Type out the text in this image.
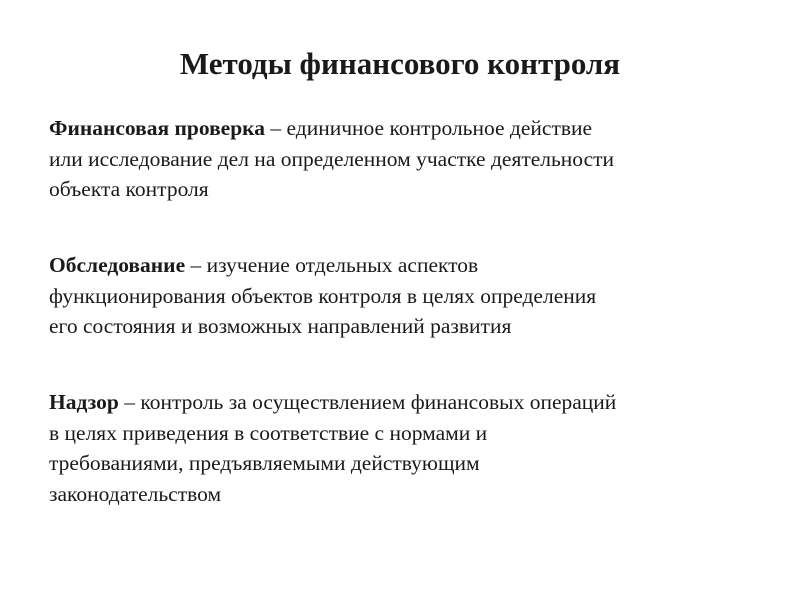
Методы финансового контроля

Финансовая проверка – единичное контрольное действие
или исследование дел на определенном участке деятельности
объекта контроля

Обследование – изучение отдельных аспектов
функционирования объектов контроля в целях определения
его состояния и возможных направлений развития

Надзор – контроль за осуществлением финансовых операций
в целях приведения в соответствие с нормами и
требованиями, предъявляемыми действующим
законодательством
